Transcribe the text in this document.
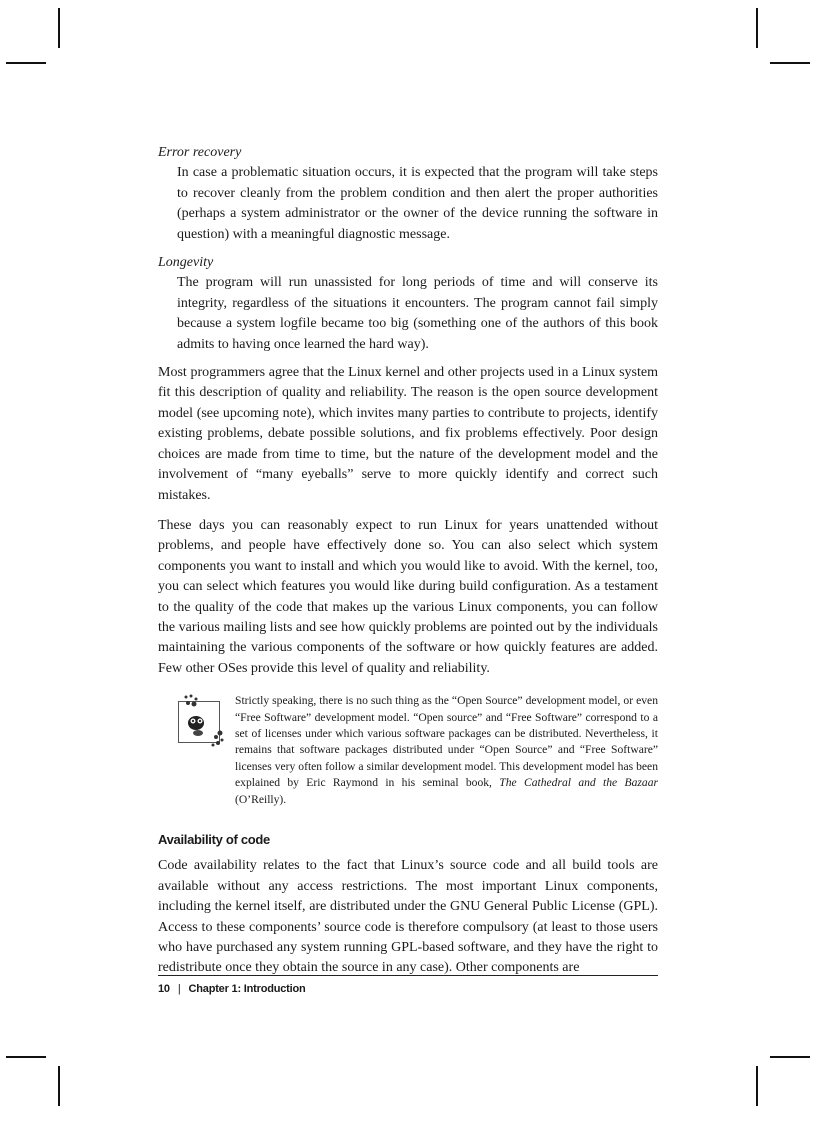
Error recovery

In case a problematic situation occurs, it is expected that the program will take steps to recover cleanly from the problem condition and then alert the proper authorities (perhaps a system administrator or the owner of the device running the software in question) with a meaningful diagnostic message.

Longevity

The program will run unassisted for long periods of time and will conserve its integrity, regardless of the situations it encounters. The program cannot fail simply because a system logfile became too big (something one of the authors of this book admits to having once learned the hard way).

Most programmers agree that the Linux kernel and other projects used in a Linux system fit this description of quality and reliability. The reason is the open source development model (see upcoming note), which invites many parties to contribute to projects, identify existing problems, debate possible solutions, and fix problems effectively. Poor design choices are made from time to time, but the nature of the development model and the involvement of “many eyeballs” serve to more quickly identify and correct such mistakes.

These days you can reasonably expect to run Linux for years unattended without problems, and people have effectively done so. You can also select which system components you want to install and which you would like to avoid. With the kernel, too, you can select which features you would like during build configuration. As a testament to the quality of the code that makes up the various Linux components, you can follow the various mailing lists and see how quickly problems are pointed out by the individuals maintaining the various components of the software or how quickly features are added. Few other OSes provide this level of quality and reliability.

Strictly speaking, there is no such thing as the “Open Source” development model, or even “Free Software” development model. “Open source” and “Free Software” correspond to a set of licenses under which various software packages can be distributed. Nevertheless, it remains that software packages distributed under “Open Source” and “Free Software” licenses very often follow a similar development model. This development model has been explained by Eric Raymond in his seminal book, The Cathedral and the Bazaar (O’Reilly).

Availability of code

Code availability relates to the fact that Linux’s source code and all build tools are available without any access restrictions. The most important Linux components, including the kernel itself, are distributed under the GNU General Public License (GPL). Access to these components’ source code is therefore compulsory (at least to those users who have purchased any system running GPL-based software, and they have the right to redistribute once they obtain the source in any case). Other components are

10 | Chapter 1: Introduction
